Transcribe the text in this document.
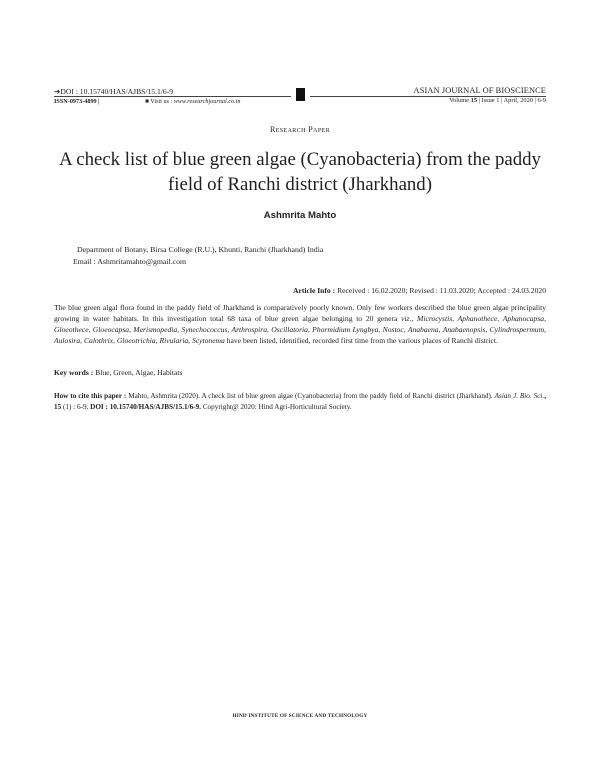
➔DOI : 10.15740/HAS/AJBS/15.1/6-9
ISSN-0973-4899 |	■ Visit us : www.researchjournal.co.in
ASIAN JOURNAL OF BIOSCIENCE
Volume 15 | Issue 1 | April, 2020 | 6-9
Research Paper
A check list of blue green algae (Cyanobacteria) from the paddy field of Ranchi district (Jharkhand)
Ashmrita Mahto
Department of Botany, Birsa College (R.U.), Khunti, Ranchi (Jharkhand) India
Email : Ashmritamahto@gmail.com
Article Info : Received : 16.02.2020; Revised : 11.03.2020; Accepted : 24.03.2020
The blue green algal flora found in the paddy field of Jharkhand is comparatively poorly known. Only few workers described the blue green algae principality growing in water habitats. In this investigation total 68 taxa of blue green algae belonging to 20 genera viz., Microcystis, Aphanothece, Aphanocapsa, Gloeothece, Gloeocapsa, Merismopedia, Synechococcus, Arthrospira, Oscillatoria, Phormidium Lyngbya, Nostoc, Anabaena, Anabaenopsis, Cylindrospermum, Aulosira, Calothrix, Gloeotrichia, Rivularia, Scytonema have been listed, identified, recorded first time from the various places of Ranchi district.
Key words : Blue, Green, Algae, Habitats
How to cite this paper : Mahto, Ashmrita (2020). A check list of blue green algae (Cyanobacteria) from the paddy field of Ranchi district (Jharkhand). Asian J. Bio. Sci., 15 (1) : 6-9. DOI : 10.15740/HAS/AJBS/15.1/6-9. Copyright@ 2020: Hind Agri-Horticultural Society.
HIND INSTITUTE OF SCIENCE AND TECHNOLOGY
